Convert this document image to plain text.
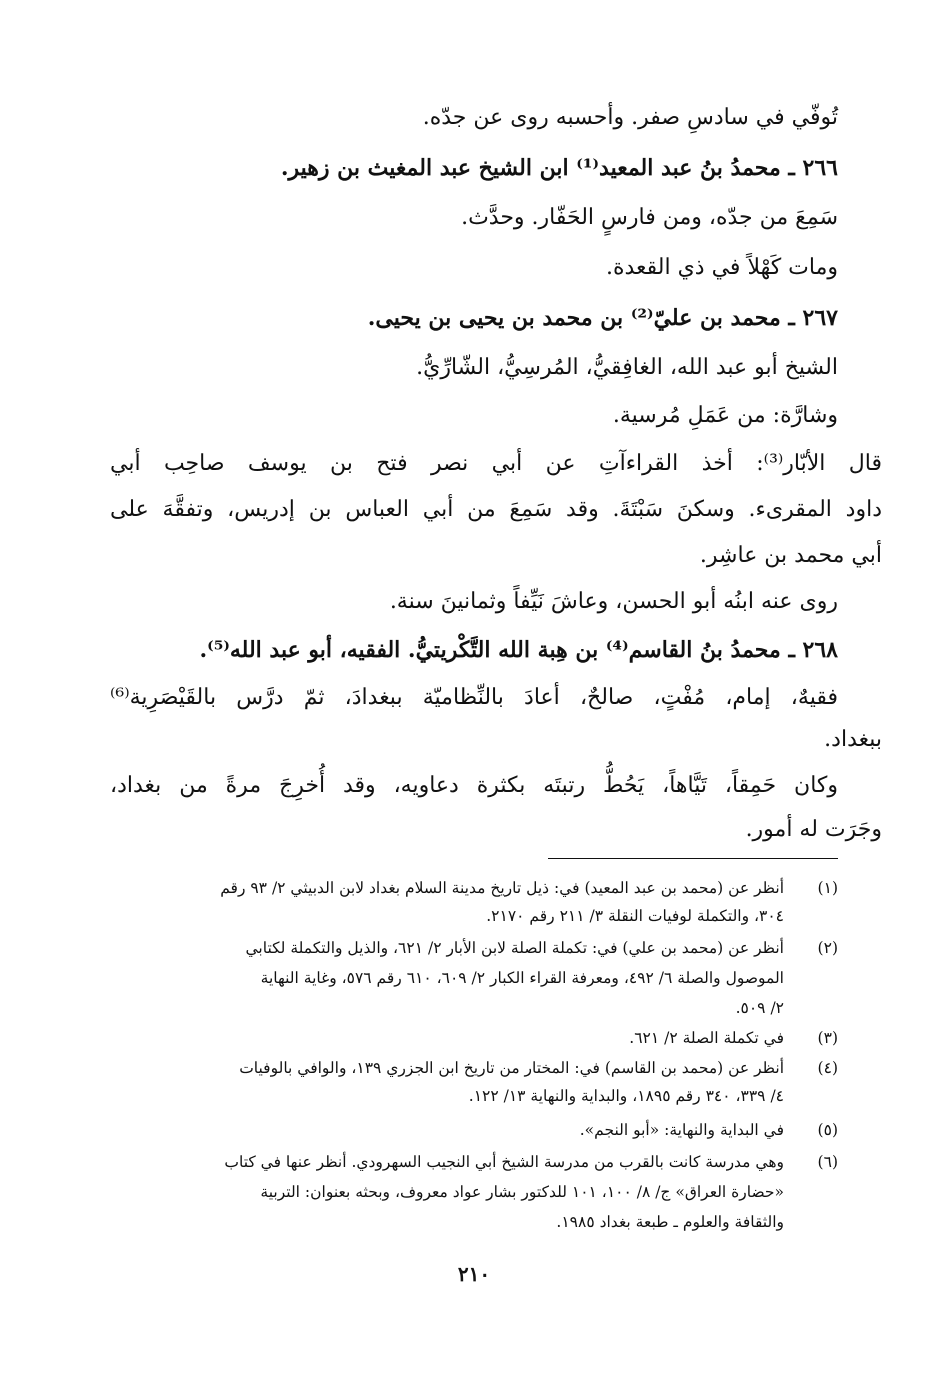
تُوفّي في سادسِ صفر. وأحسبه روى عن جدّه.
٢٦٦ ـ محمدُ بنُ عبد المعيد⁽¹⁾ ابن الشيخ عبد المغيث بن زهير.
سَمِعَ من جدّه، ومن فارسٍ الحَفّار. وحدَّث.
ومات كَهْلاً في ذي القعدة.
٢٦٧ ـ محمد بن عليّ⁽²⁾ بن محمد بن يحيى بن يحيى.
الشيخ أبو عبد الله، الغافِقيُّ، المُرسِيُّ، الشّارِّيُّ.
وشارَّة: من عَمَلِ مُرسية.
قال الأبّار⁽³⁾: أخذ القراءآتِ عن أبي نصر فتح بن يوسف صاحِب أبي
داود المقرىء. وسكنَ سَبْتَةَ. وقد سَمِعَ من أبي العباس بن إدريس، وتفقَّهَ على
أبي محمد بن عاشِر.
روى عنه ابنُه أبو الحسن، وعاشَ نَيِّفاً وثمانينَ سنة.
٢٦٨ ـ محمدُ بنُ القاسم⁽⁴⁾ بن هِبة الله التَّكْريتيُّ. الفقيه، أبو عبد الله⁽⁵⁾.
فقيهٌ، إمام، مُفْتٍ، صالحٌ، أعادَ بالنِّظاميّة ببغدادَ، ثمّ درَّس بالقَيْصَرِية⁽⁶⁾
ببغداد.
وكان حَمِقاً، تَيَّاهاً، يَحُطُّ رتبتَه بكثرة دعاويه، وقد أُخرِجَ مرةً من بغداد،
وجَرَت له أمور.
(١)
أنظر عن (محمد بن عبد المعيد) في: ذيل تاريخ مدينة السلام بغداد لابن الدبيثي ٢/ ٩٣ رقم
٣٠٤، والتكملة لوفيات النقلة ٣/ ٢١١ رقم ٢١٧٠.
(٢)
أنظر عن (محمد بن علي) في: تكملة الصلة لابن الأبار ٢/ ٦٢١، والذيل والتكملة لكتابي
الموصول والصلة ٦/ ٤٩٢، ومعرفة القراء الكبار ٢/ ٦٠٩، ٦١٠ رقم ٥٧٦، وغاية النهاية
٢/ ٥٠٩.
(٣)
في تكملة الصلة ٢/ ٦٢١.
(٤)
أنظر عن (محمد بن القاسم) في: المختار من تاريخ ابن الجزري ١٣٩، والوافي بالوفيات
٤/ ٣٣٩، ٣٤٠ رقم ١٨٩٥، والبداية والنهاية ١٣/ ١٢٢.
(٥)
في البداية والنهاية: «أبو النجم».
(٦)
وهي مدرسة كانت بالقرب من مدرسة الشيخ أبي النجيب السهرودي. أنظر عنها في كتاب
«حضارة العراق» ج/ ٨/ ١٠٠، ١٠١ للدكتور بشار عواد معروف، وبحثه بعنوان: التربية
والثقافة والعلوم ـ طبعة بغداد ١٩٨٥.
٢١٠
